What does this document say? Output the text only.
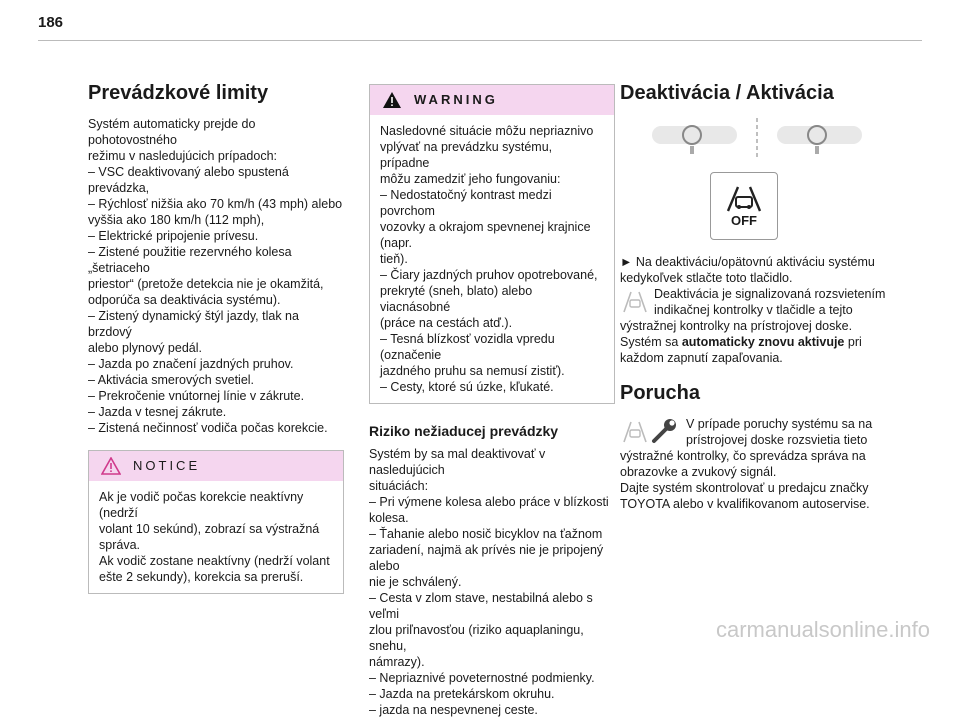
186
Prevádzkové limity

Systém automaticky prejde do pohotovostného

režimu v nasledujúcich prípadoch:

– VSC deaktivovaný alebo spustená prevádzka,

– Rýchlosť nižšia ako 70 km/h (43 mph) alebo

vyššia ako 180 km/h (112 mph),

– Elektrické pripojenie prívesu.

– Zistené použitie rezervného kolesa „šetriaceho

priestor“ (pretože detekcia nie je okamžitá,

odporúča sa deaktivácia systému).

– Zistený dynamický štýl jazdy, tlak na brzdový

alebo plynový pedál.

– Jazda po značení jazdných pruhov.

– Aktivácia smerových svetiel.

– Prekročenie vnútornej línie v zákrute.

– Jazda v tesnej zákrute.

– Zistená nečinnosť vodiča počas korekcie.

NOTICE

Ak je vodič počas korekcie neaktívny (nedrží

volant 10 sekúnd), zobrazí sa výstražná

správa.

Ak vodič zostane neaktívny (nedrží volant

ešte 2 sekundy), korekcia sa preruší.

WARNING

Nasledovné situácie môžu nepriaznivo

vplývať na prevádzku systému, prípadne

môžu zamedziť jeho fungovaniu:

– Nedostatočný kontrast medzi povrchom

vozovky a okrajom spevnenej krajnice (napr.

tieň).

– Čiary jazdných pruhov opotrebované,

prekryté (sneh, blato) alebo viacnásobné

(práce na cestách atď.).

– Tesná blízkosť vozidla vpredu (označenie

jazdného pruhu sa nemusí zistiť).

– Cesty, ktoré sú úzke, kľukaté.

Riziko nežiaducej prevádzky

Systém by sa mal deaktivovať v nasledujúcich

situáciách:

– Pri výmene kolesa alebo práce v blízkosti

kolesa.

– Ťahanie alebo nosič bicyklov na ťažnom

zariadení, najmä ak prívės nie je pripojený alebo

nie je schválený.

– Cesta v zlom stave, nestabilná alebo s veľmi

zlou priľnavosťou (riziko aquaplaningu, snehu,

námrazy).

– Nepriaznivé poveternostné podmienky.

– Jazda na pretekárskom okruhu.

– jazda na nespevnenej ceste.

Deaktivácia / Aktivácia
OFF

► Na deaktiváciu/opätovnú aktiváciu systému

kedykoľvek stlačte toto tlačidlo.

Deaktivácia je signalizovaná rozsvietením

indikačnej kontrolky v tlačidle a tejto

výstražnej kontrolky na prístrojovej doske.

Systém sa automaticky znovu aktivuje pri

každom zapnutí zapaľovania.

Porucha

V prípade poruchy systému sa na

prístrojovej doske rozsvietia tieto

výstražné kontrolky, čo sprevádza správa na

obrazovke a zvukový signál.

Dajte systém skontrolovať u predajcu značky

TOYOTA alebo v kvalifikovanom autoservise.

carmanualsonline.info
